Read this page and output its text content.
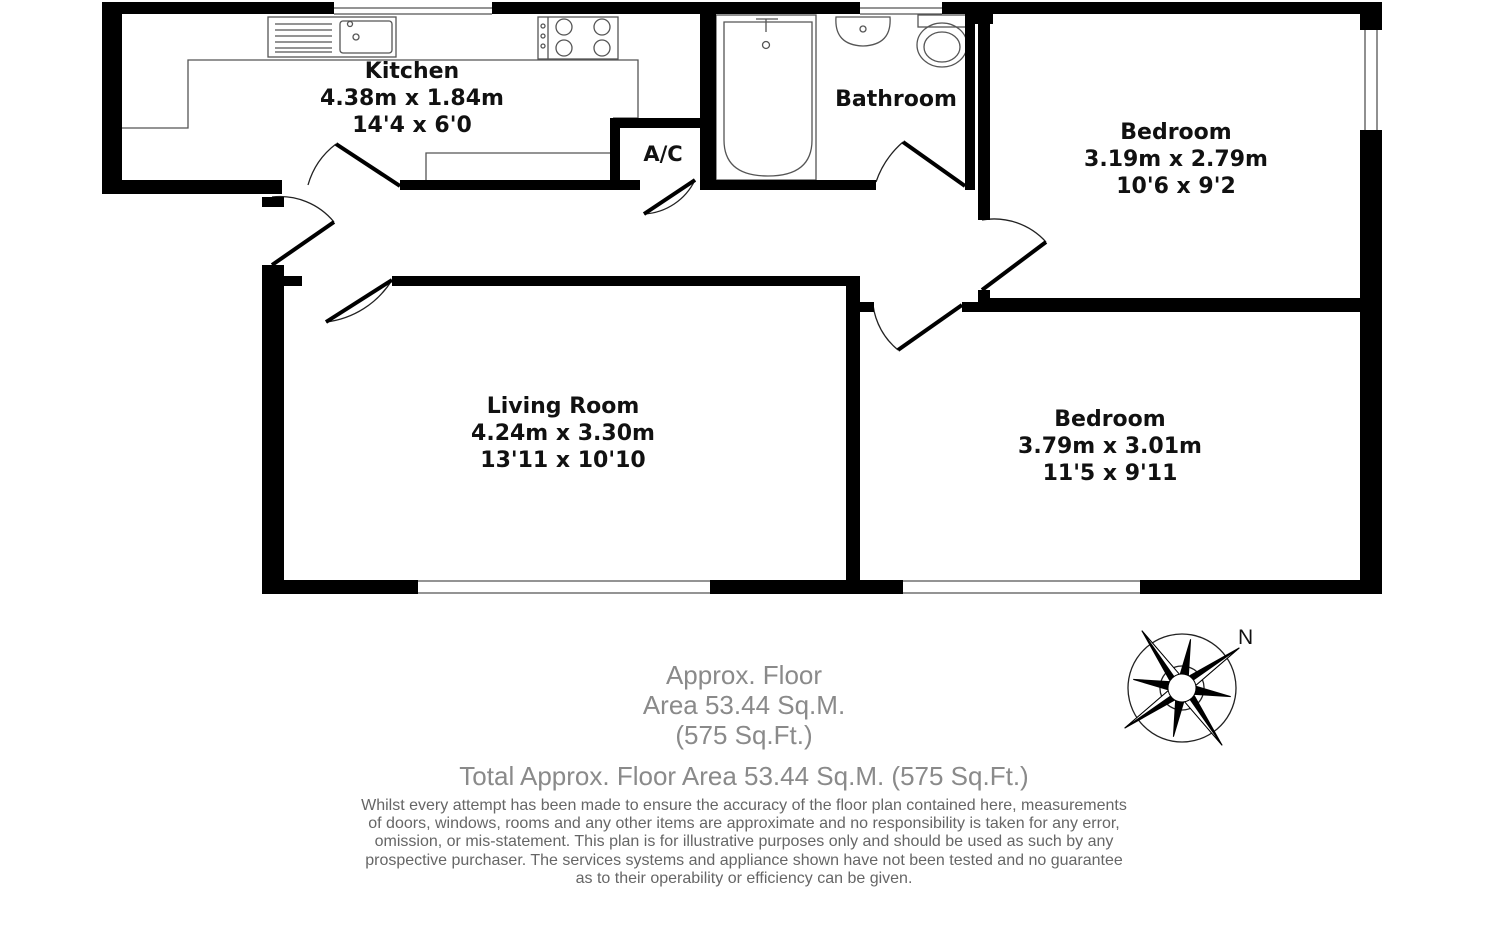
Kitchen
4.38m x 1.84m
14'4 x 6'0
Bathroom
A/C
Bedroom
3.19m x 2.79m
10'6 x 9'2
Living Room
4.24m x 3.30m
13'11 x 10'10
Bedroom
3.79m x 3.01m
11'5 x 9'11
N
Approx. Floor
Area 53.44 Sq.M.
(575 Sq.Ft.)
Total Approx. Floor Area 53.44 Sq.M. (575 Sq.Ft.)
Whilst every attempt has been made to ensure the accuracy of the floor plan contained here, measurements
of doors, windows, rooms and any other items are approximate and no responsibility is taken for any error,
omission, or mis-statement. This plan is for illustrative purposes only and should be used as such by any
prospective purchaser. The services systems and appliance shown have not been tested and no guarantee
as to their operability or efficiency can be given.
